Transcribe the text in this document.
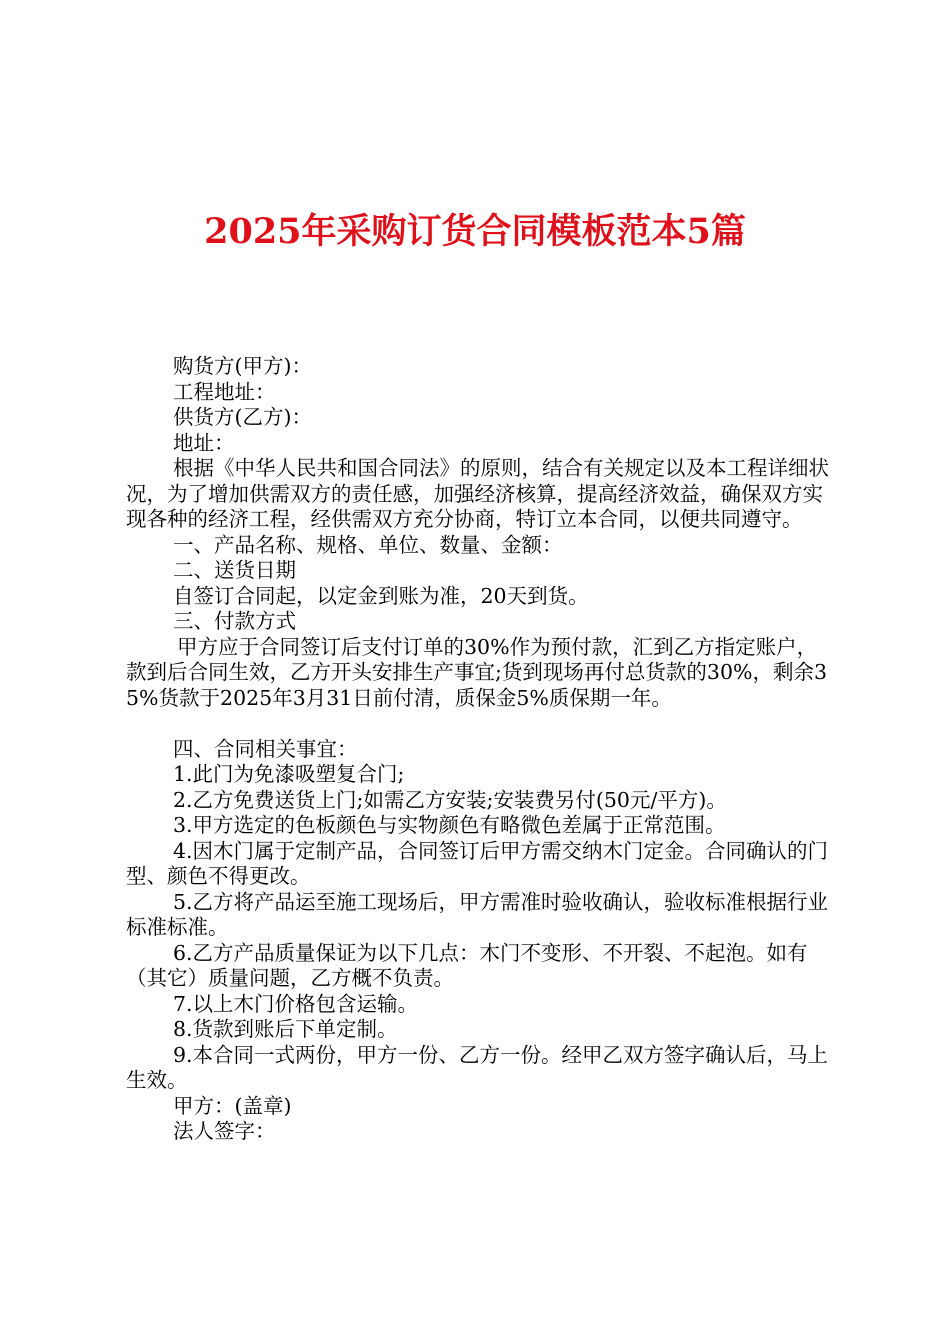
2025年采购订货合同模板范本5篇

购货方(甲方)：

工程地址：

供货方(乙方)：

地址：

根据《中华人民共和国合同法》的原则，结合有关规定以及本工程详细状况，为了增加供需双方的责任感，加强经济核算，提高经济效益，确保双方实现各种的经济工程，经供需双方充分协商，特订立本合同，以便共同遵守。

一、产品名称、规格、单位、数量、金额：

二、送货日期

自签订合同起，以定金到账为准，20天到货。

三、付款方式

甲方应于合同签订后支付订单的30%作为预付款，汇到乙方指定账户，款到后合同生效，乙方开头安排生产事宜;货到现场再付总货款的30%，剩余35%货款于2025年3月31日前付清，质保金5%质保期一年。

四、合同相关事宜：

1.此门为免漆吸塑复合门;

2.乙方免费送货上门;如需乙方安装;安装费另付(50元/平方)。

3.甲方选定的色板颜色与实物颜色有略微色差属于正常范围。

4.因木门属于定制产品，合同签订后甲方需交纳木门定金。合同确认的门型、颜色不得更改。

5.乙方将产品运至施工现场后，甲方需准时验收确认，验收标准根据行业标准标准。

6.乙方产品质量保证为以下几点：木门不变形、不开裂、不起泡。如有（其它）质量问题，乙方概不负责。

7.以上木门价格包含运输。

8.货款到账后下单定制。

9.本合同一式两份，甲方一份、乙方一份。经甲乙双方签字确认后，马上生效。

甲方：(盖章)

法人签字：
